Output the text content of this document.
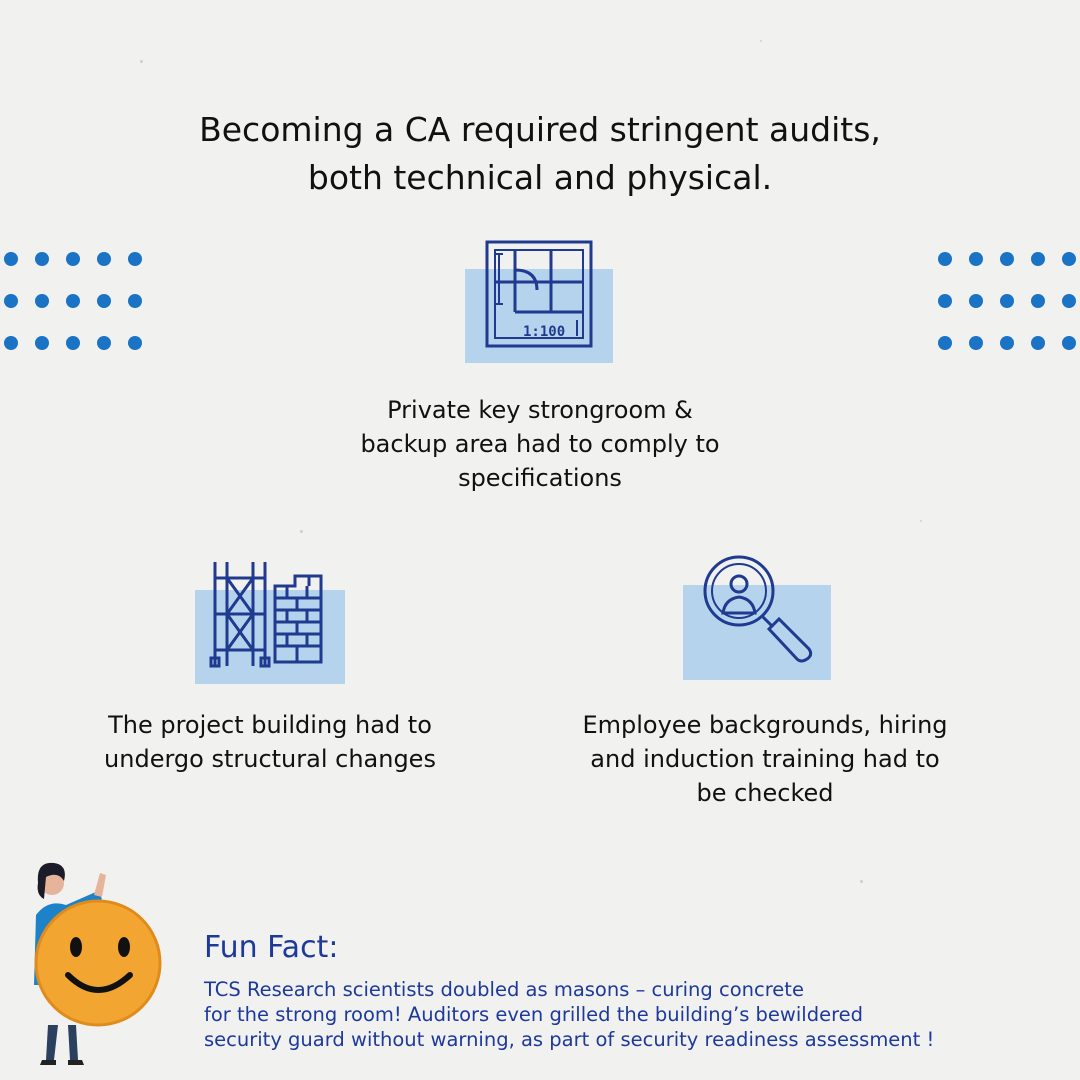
Becoming a CA required stringent audits,
both technical and physical.
1:100
Private key strongroom &
backup area had to comply to
specifications
The project building had to
undergo structural changes
Employee backgrounds, hiring
and induction training had to
be checked
Fun Fact:
TCS Research scientists doubled as masons – curing concrete
for the strong room! Auditors even grilled the building’s bewildered
security guard without warning, as part of security readiness assessment !
